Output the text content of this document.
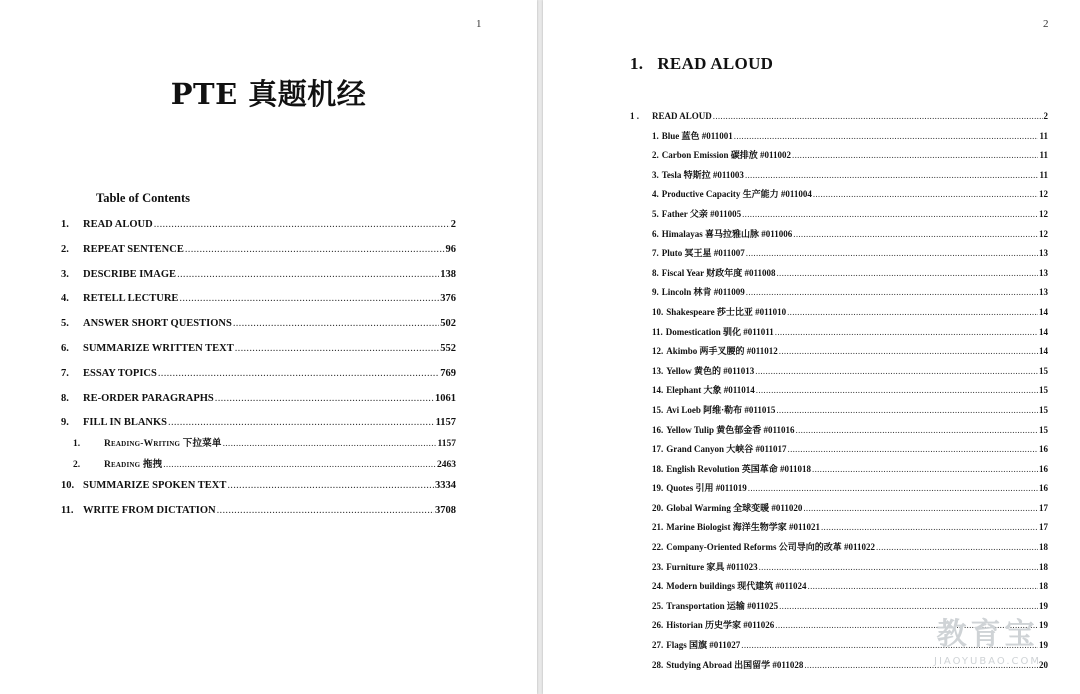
1
PTE 真题机经
Table of Contents
1.	READ ALOUD .....	2
2.	REPEAT SENTENCE .....	96
3.	DESCRIBE IMAGE .....	138
4.	RETELL LECTURE .....	376
5.	ANSWER SHORT QUESTIONS .....	502
6.	SUMMARIZE WRITTEN TEXT .....	552
7.	ESSAY TOPICS .....	769
8.	RE-ORDER PARAGRAPHS .....	1061
9.	FILL IN BLANKS .....	1157
1.	Reading-Writing 下拉菜单 .....	1157
2.	Reading 拖拽 .....	2463
10. SUMMARIZE SPOKEN TEXT .....	3334
11. WRITE FROM DICTATION .....	3708
2
1. READ ALOUD
1 .	READ ALOUD .....	2
1. Blue 蓝色 #011001 .....	11
2. Carbon Emission 碳排放 #011002 .....	11
3. Tesla 特斯拉 #011003 .....	11
4. Productive Capacity 生产能力 #011004 .....	12
5. Father 父亲 #011005 .....	12
6. Himalayas 喜马拉雅山脉 #011006 .....	12
7. Pluto 冥王星 #011007 .....	13
8. Fiscal Year 财政年度 #011008 .....	13
9. Lincoln 林肯 #011009 .....	13
10. Shakespeare 莎士比亚 #011010 .....	14
11. Domestication 驯化 #011011 .....	14
12. Akimbo 两手叉腰的 #011012 .....	14
13. Yellow 黄色的 #011013 .....	15
14. Elephant 大象 #011014 .....	15
15. Avi Loeb 阿维·勒布 #011015 .....	15
16. Yellow Tulip 黄色郁金香 #011016 .....	15
17. Grand Canyon 大峡谷 #011017 .....	16
18. English Revolution 英国革命 #011018 .....	16
19. Quotes 引用 #011019 .....	16
20. Global Warming 全球变暖 #011020 .....	17
21. Marine Biologist 海洋生物学家 #011021 .....	17
22. Company-Oriented Reforms 公司导向的改革 #011022 .....	18
23. Furniture 家具 #011023 .....	18
24. Modern buildings 现代建筑 #011024 .....	18
25. Transportation 运输 #011025 .....	19
26. Historian 历史学家 #011026 .....	19
27. Flags 国旗 #011027 .....	19
28. Studying Abroad 出国留学 #011028 .....	20
教育宝
JIAOYUBAO.COM
